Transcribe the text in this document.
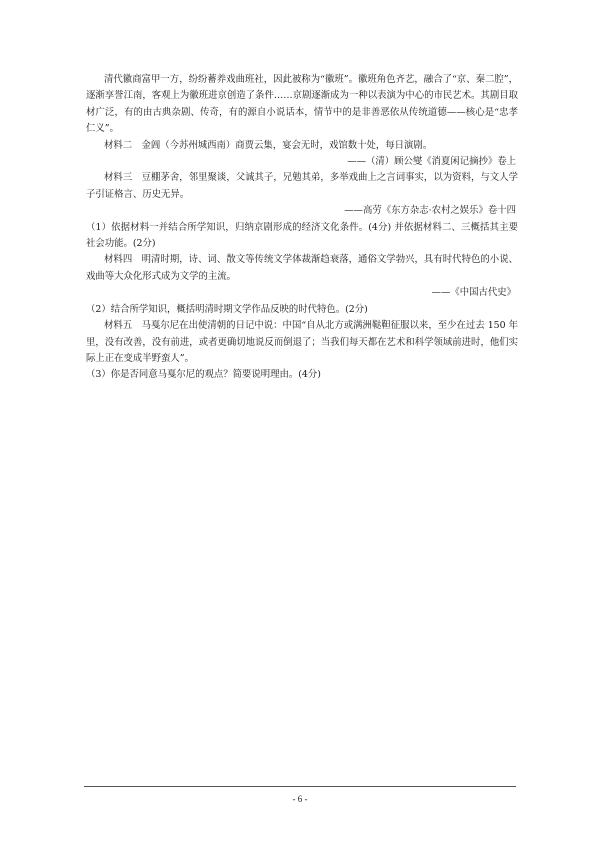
清代徽商富甲一方，纷纷蓄养戏曲班社，因此被称为“徽班”。徽班角色齐艺，融合了“京、秦二腔”，逐渐享誉江南，客观上为徽班进京创造了条件……京剧逐渐成为一种以表演为中心的市民艺术。其剧目取材广泛，有的由古典杂剧、传奇，有的源自小说话本，情节中的是非善恶依从传统道德——核心是“忠孝仁义”。

材料二　金阊（今苏州城西南）商贾云集，宴会无时，戏馆数十处，每日演剧。

——（清）顾公燮《消夏闲记摘抄》卷上

材料三　豆棚茅舍，邻里聚谈，父诚其子，兄勉其弟，多举戏曲上之言词事实，以为资料，与文人学子引证格言、历史无异。

——高劳《东方杂志·农村之娱乐》卷十四

（1）依据材料一并结合所学知识，归纳京剧形成的经济文化条件。(4分) 并依据材料二、三概括其主要社会功能。(2分)

材料四　明清时期，诗、词、散文等传统文学体裁渐趋衰落，通俗文学勃兴，具有时代特色的小说、戏曲等大众化形式成为文学的主流。

——《中国古代史》

（2）结合所学知识，概括明清时期文学作品反映的时代特色。(2分)

材料五　马戛尔尼在出使清朝的日记中说：中国“自从北方或满洲鞑靼征服以来，至少在过去 150 年里，没有改善，没有前进，或者更确切地说反而倒退了；当我们每天都在艺术和科学领域前进时，他们实际上正在变成半野蛮人”。

（3）你是否同意马戛尔尼的观点？简要说明理由。(4分)

- 6 -
